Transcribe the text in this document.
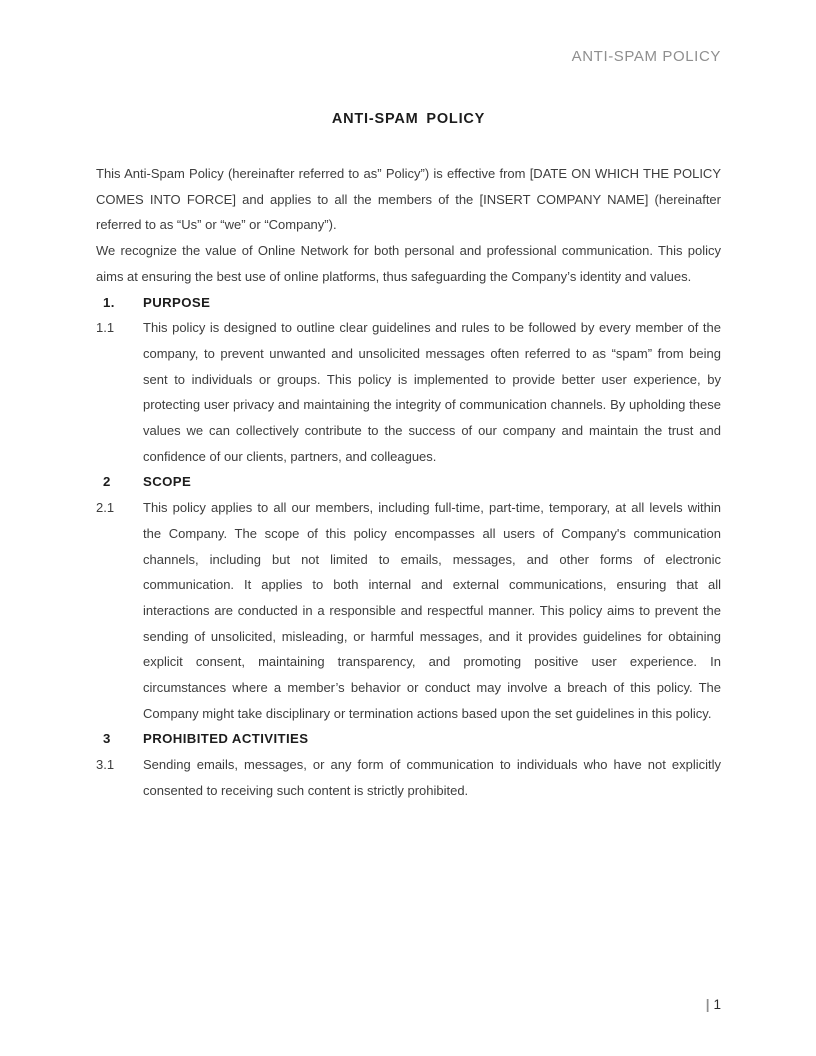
ANTI-SPAM POLICY
ANTI-SPAM POLICY

This Anti-Spam Policy (hereinafter referred to as” Policy”) is effective from [DATE ON WHICH THE POLICY COMES INTO FORCE] and applies to all the members of the [INSERT COMPANY NAME] (hereinafter referred to as “Us” or “we” or “Company”).

We recognize the value of Online Network for both personal and professional communication. This policy aims at ensuring the best use of online platforms, thus safeguarding the Company’s identity and values.

1.	PURPOSE
1.1	This policy is designed to outline clear guidelines and rules to be followed by every member of the company, to prevent unwanted and unsolicited messages often referred to as “spam” from being sent to individuals or groups. This policy is implemented to provide better user experience, by protecting user privacy and maintaining the integrity of communication channels. By upholding these values we can collectively contribute to the success of our company and maintain the trust and confidence of our clients, partners, and colleagues.
2	SCOPE
2.1	This policy applies to all our members, including full-time, part-time, temporary, at all levels within the Company. The scope of this policy encompasses all users of Company's communication channels, including but not limited to emails, messages, and other forms of electronic communication. It applies to both internal and external communications, ensuring that all interactions are conducted in a responsible and respectful manner. This policy aims to prevent the sending of unsolicited, misleading, or harmful messages, and it provides guidelines for obtaining explicit consent, maintaining transparency, and promoting positive user experience. In circumstances where a member’s behavior or conduct may involve a breach of this policy. The Company might take disciplinary or termination actions based upon the set guidelines in this policy.
3	PROHIBITED ACTIVITIES
3.1	Sending emails, messages, or any form of communication to individuals who have not explicitly consented to receiving such content is strictly prohibited.
| 1
